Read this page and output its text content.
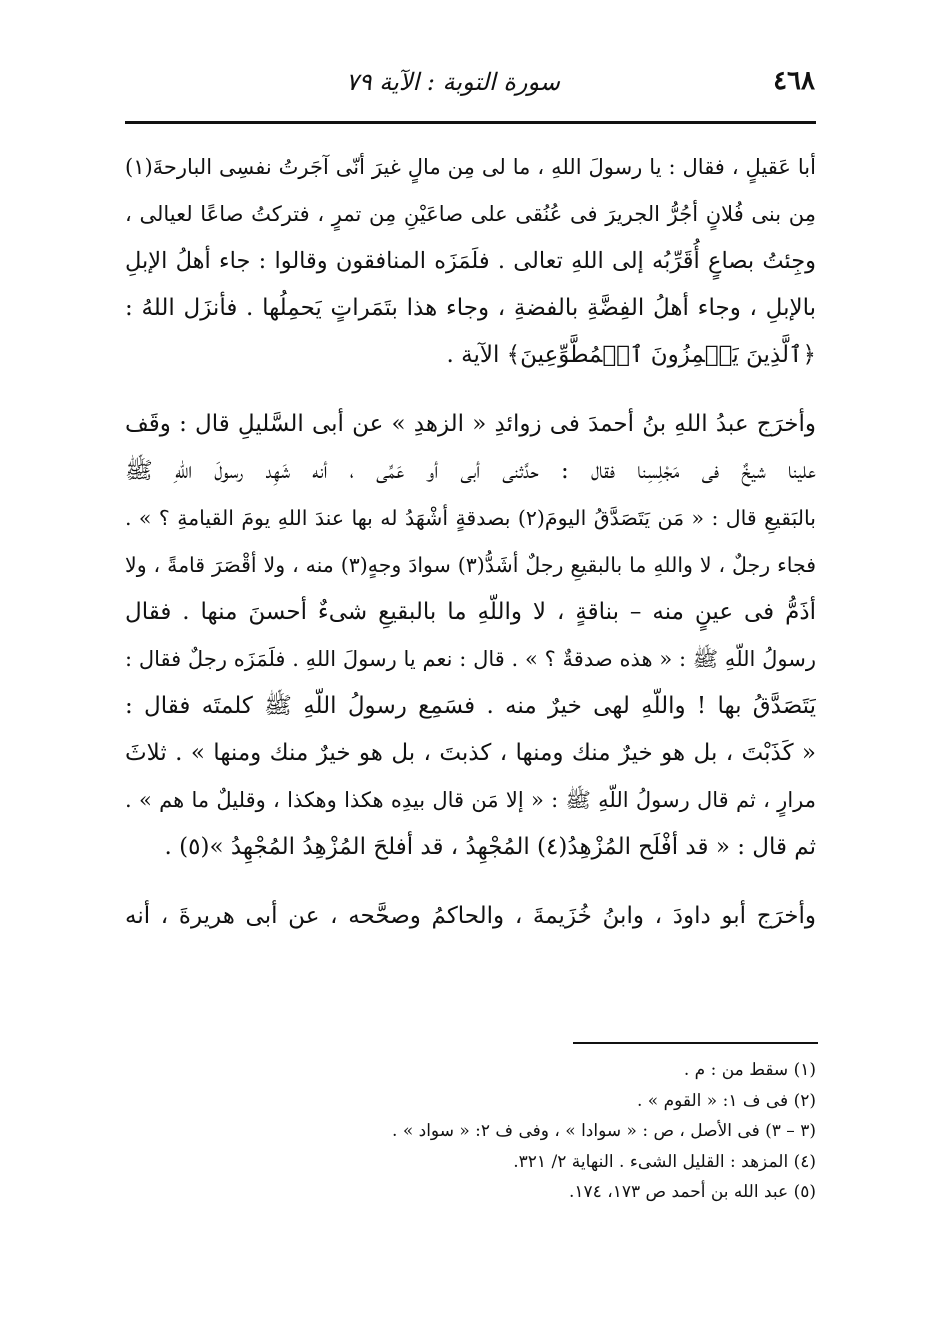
٤٦٨
سورة التوبة : الآية ٧٩
أبا عَقيلٍ ، فقال : يا رسولَ اللهِ ، ما لى مِن مالٍ غيرَ أنّى آجَرتُ نفسِى البارحةَ(١)
مِن بنى فُلانٍ أجُرُّ الجريرَ فى عُنُقى على صاعَيْنِ مِن تمرٍ ، فتركتُ صاعًا لعيالى ،
وجِئتُ بصاعٍ أُقَرِّبُه إلى اللهِ تعالى . فلَمَزَه المنافقون وقالوا : جاء أهلُ الإبلِ
بالإبلِ ، وجاء أهلُ الفِضَّةِ بالفضةِ ، وجاء هذا بتَمَراتٍ يَحمِلُها . فأنزَل اللهُ :
﴿ٱلَّذِينَ يَلۡمِزُونَ ٱلۡمُطَّوِّعِينَ﴾ الآية .
وأخرَج عبدُ اللهِ بنُ أحمدَ فى زوائدِ « الزهدِ » عن أبى السَّليلِ قال : وقَف
علينا شيخٌ فى مَجْلِسِنا فقال : حدَّثنى أبى أو عَمِّى ، أنه شَهِد رسولَ اللهِ ﷺ
بالبَقيعِ قال : « مَن يَتَصَدَّقُ اليومَ(٢) بصدقةٍ أشْهَدُ له بها عندَ اللهِ يومَ القيامةِ ؟ » .
فجاء رجلٌ ، لا واللهِ ما بالبقيعِ رجلٌ أشَدُّ(٣) سوادَ وجهٍ(٣) منه ، ولا أقْصَرَ قامةً ، ولا
أذَمُّ فى عينٍ منه – بناقةٍ ، لا واللّهِ ما بالبقيعِ شىءٌ أحسنَ منها . فقال
رسولُ اللّهِ ﷺ : « هذه صدقةٌ ؟ » . قال : نعم يا رسولَ اللهِ . فلَمَزَه رجلٌ فقال :
يَتَصَدَّقُ بها ! واللّهِ لهى خيرٌ منه . فسَمِع رسولُ اللّهِ ﷺ كلمتَه فقال :
« كَذَبْتَ ، بل هو خيرٌ منك ومنها ، كذبتَ ، بل هو خيرٌ منك ومنها » . ثلاثَ
مرارٍ ، ثم قال رسولُ اللّهِ ﷺ : « إلا مَن قال بيدِه هكذا وهكذا ، وقليلٌ ما هم » .
ثم قال : « قد أفْلَح المُزْهِدُ(٤) المُجْهِدُ ، قد أفلحَ المُزْهِدُ المُجْهِدُ »(٥) .
وأخرَج أبو داودَ ، وابنُ خُزَيمةَ ، والحاكمُ وصحَّحه ، عن أبى هريرةَ ، أنه
(١) سقط من : م .
(٢) فى ف ١: « القوم » .
(٣ – ٣) فى الأصل ، ص : « سوادا » ، وفى ف ٢: « سواد » .
(٤) المزهد : القليل الشىء . النهاية ٢/ ٣٢١.
(٥) عبد الله بن أحمد ص ١٧٣، ١٧٤.
